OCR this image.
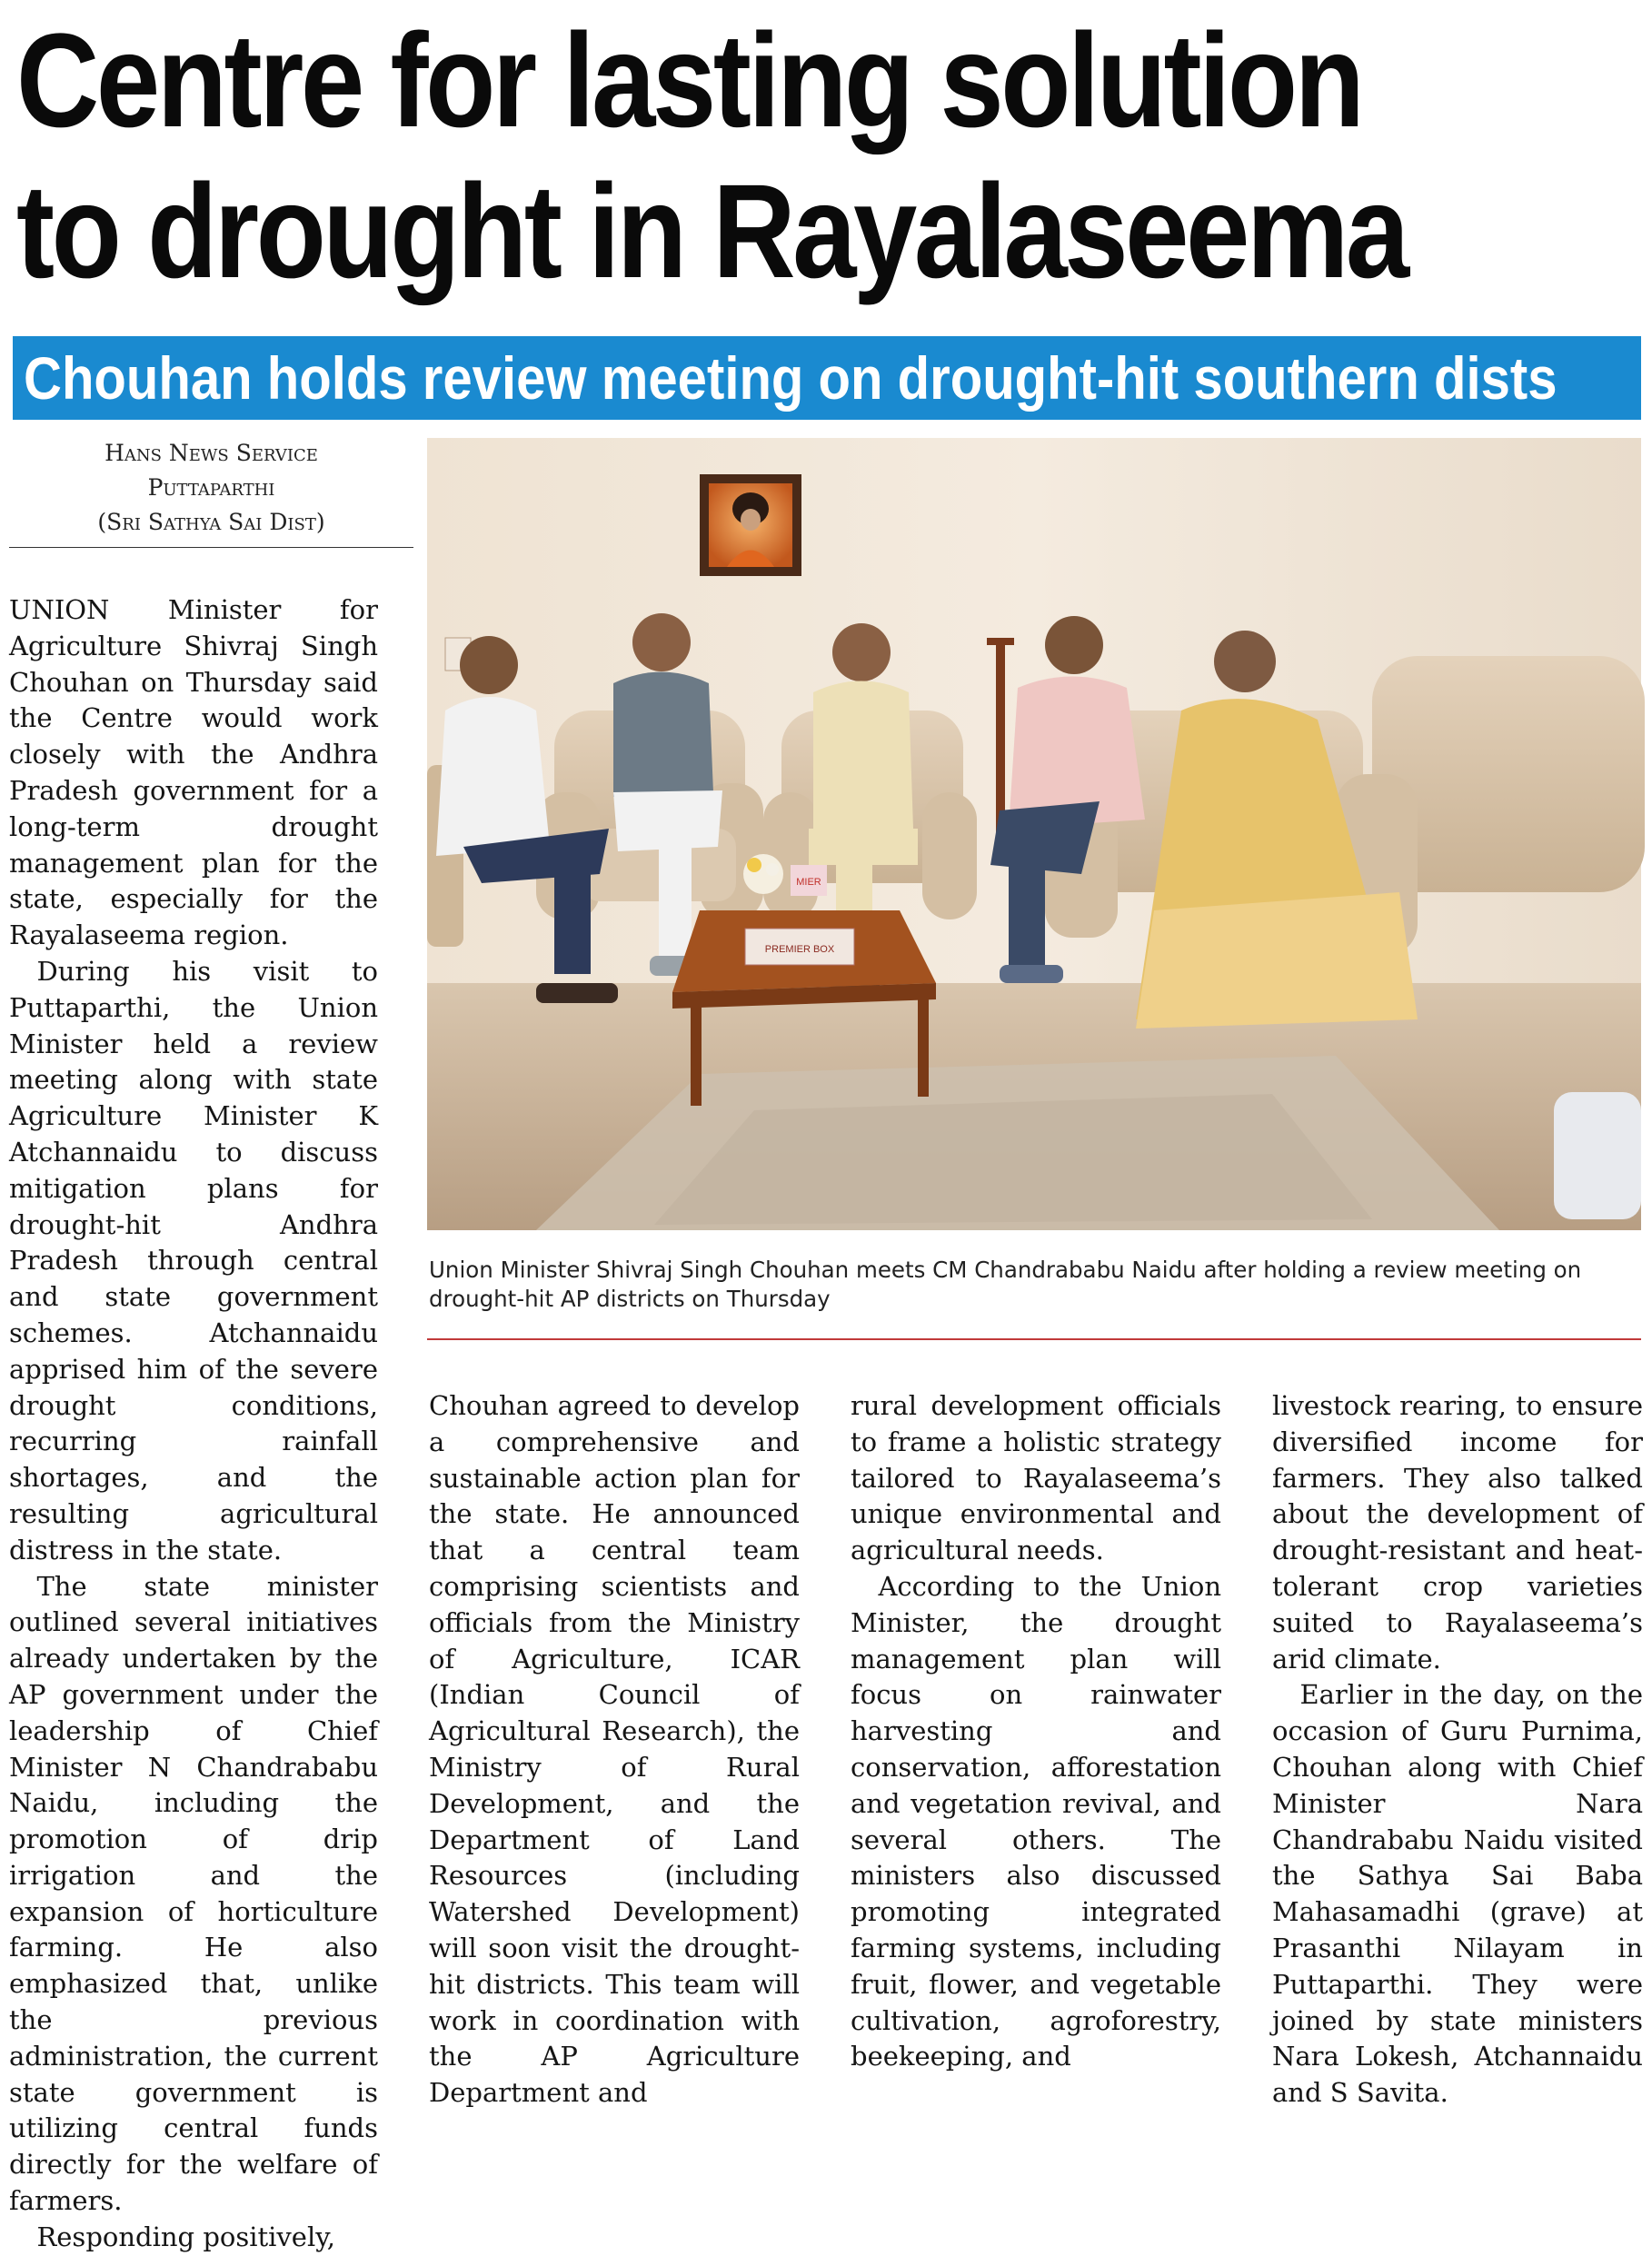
Centre for lasting solution
to drought in Rayalaseema
Chouhan holds review meeting on drought-hit southern dists
Hans News Service
Puttaparthi
(Sri Sathya Sai Dist)
PREMIER BOX
MIER
Union Minister Shivraj Singh Chouhan meets CM Chandrababu Naidu after holding a review meeting on drought-hit AP districts on Thursday

UNION Minister for Agriculture Shivraj Singh Chouhan on Thursday said the Centre would work closely with the Andhra Pradesh government for a long-term drought management plan for the state, especially for the Rayalaseema region.

During his visit to Puttaparthi, the Union Minister held a review meeting along with state Agriculture Minister K Atchannaidu to discuss mitigation plans for drought-hit Andhra Pradesh through central and state government schemes. Atchannaidu apprised him of the severe drought conditions, recurring rainfall shortages, and the resulting agricultural distress in the state.

The state minister outlined several initiatives already undertaken by the AP government under the leadership of Chief Minister N Chandrababu Naidu, including the promotion of drip irrigation and the expansion of horticulture farming. He also emphasized that, unlike the previous administration, the current state government is utilizing central funds directly for the welfare of farmers.

Responding positively,

Chouhan agreed to develop a comprehensive and sustainable action plan for the state. He announced that a central team comprising scientists and officials from the Ministry of Agriculture, ICAR (Indian Council of Agricultural Research), the Ministry of Rural Development, and the Department of Land Resources (including Watershed Development) will soon visit the drought-hit districts. This team will work in coordination with the AP Agriculture Department and

rural development officials to frame a holistic strategy tailored to Rayalaseema’s unique environmental and agricultural needs.

According to the Union Minister, the drought management plan will focus on rainwater harvesting and conservation, afforestation and vegetation revival, and several others. The ministers also discussed promoting integrated farming systems, including fruit, flower, and vegetable cultivation, agroforestry, beekeeping, and

livestock rearing, to ensure diversified income for farmers. They also talked about the development of drought-resistant and heat-tolerant crop varieties suited to Rayalaseema’s arid climate.

Earlier in the day, on the occasion of Guru Purnima, Chouhan along with Chief Minister Nara Chandrababu Naidu visited the Sathya Sai Baba Mahasamadhi (grave) at Prasanthi Nilayam in Puttaparthi. They were joined by state ministers Nara Lokesh, Atchannaidu and S Savita.
